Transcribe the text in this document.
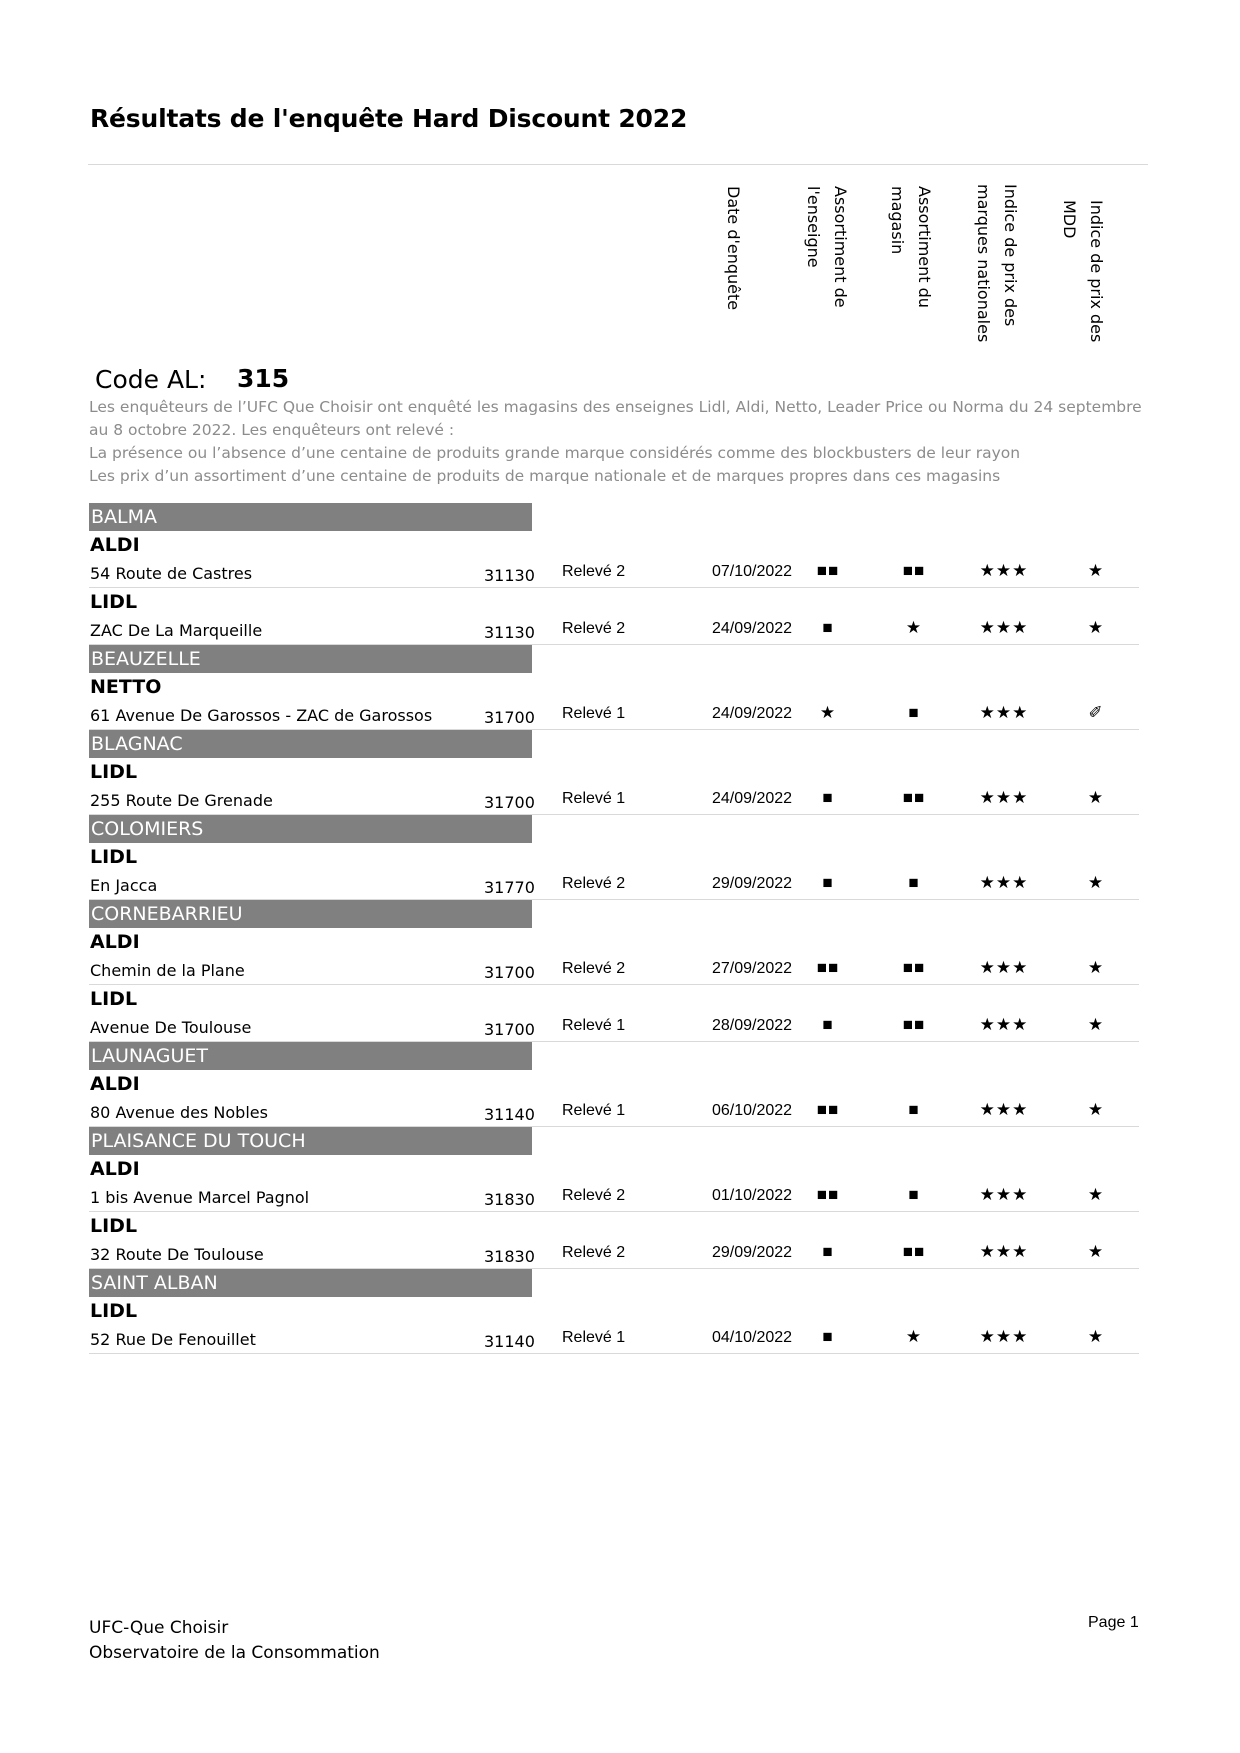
Résultats de l'enquête Hard Discount 2022
Date d'enquête	Assortiment de
l'enseigne	Assortiment du
magasin	Indice de prix des
marques nationales
Indice de prix des
MDD
Code AL: 315

Les enquêteurs de l’UFC Que Choisir ont enquêté les magasins des enseignes Lidl, Aldi, Netto, Leader Price ou Norma du 24 septembre au 8 octobre 2022. Les enquêteurs ont relevé :

La présence ou l’absence d’une centaine de produits grande marque considérés comme des blockbusters de leur rayon

Les prix d’un assortiment d’une centaine de produits de marque nationale et de marques propres dans ces magasins

BALMA
ALDI
54 Route de Castres	31130 Relevé 2	07/10/2022	■■	■■	★★★	★
LIDL
ZAC De La Marqueille	31130 Relevé 2	24/09/2022	■	★	★★★	★
BEAUZELLE
NETTO
61 Avenue De Garossos - ZAC de Garossos	31700 Relevé 1	24/09/2022	★	■	★★★	✐
BLAGNAC
LIDL
255 Route De Grenade	31700 Relevé 1	24/09/2022	■	■■	★★★	★
COLOMIERS
LIDL
En Jacca	31770 Relevé 2	29/09/2022	■	■	★★★	★
CORNEBARRIEU
ALDI
Chemin de la Plane	31700 Relevé 2	27/09/2022	■■	■■	★★★	★
LIDL
Avenue De Toulouse	31700 Relevé 1	28/09/2022	■	■■	★★★	★
LAUNAGUET
ALDI
80 Avenue des Nobles	31140 Relevé 1	06/10/2022	■■	■	★★★	★
PLAISANCE DU TOUCH
ALDI
1 bis Avenue Marcel Pagnol	31830 Relevé 2	01/10/2022	■■	■	★★★	★
LIDL
32 Route De Toulouse	31830 Relevé 2	29/09/2022	■	■■	★★★	★
SAINT ALBAN
LIDL
52 Rue De Fenouillet	31140 Relevé 1	04/10/2022	■	★	★★★	★
UFC-Que Choisir
Observatoire de la Consommation
Page 1
